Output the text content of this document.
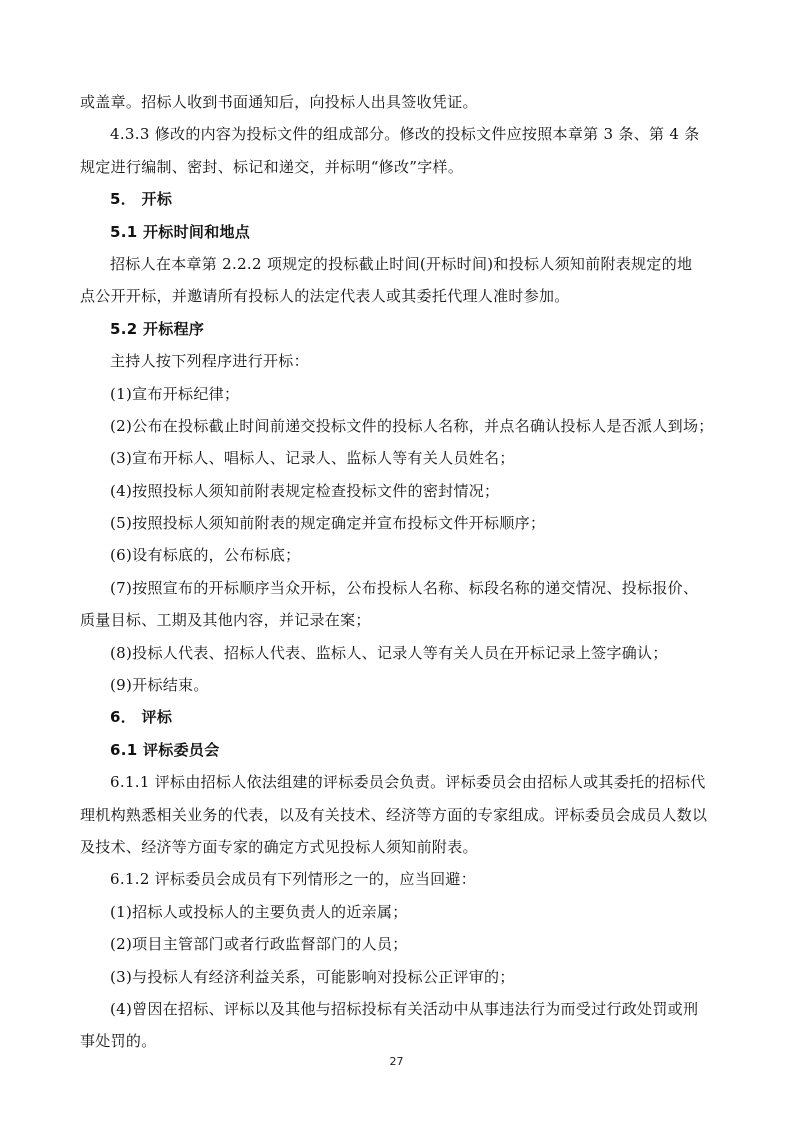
或盖章。招标人收到书面通知后，向投标人出具签收凭证。
4.3.3 修改的内容为投标文件的组成部分。修改的投标文件应按照本章第 3 条、第 4 条
规定进行编制、密封、标记和递交，并标明“修改”字样。
5． 开标
5.1 开标时间和地点
招标人在本章第 2.2.2 项规定的投标截止时间(开标时间)和投标人须知前附表规定的地
点公开开标，并邀请所有投标人的法定代表人或其委托代理人准时参加。
5.2 开标程序
主持人按下列程序进行开标：
(1)宣布开标纪律；
(2)公布在投标截止时间前递交投标文件的投标人名称，并点名确认投标人是否派人到场；
(3)宣布开标人、唱标人、记录人、监标人等有关人员姓名；
(4)按照投标人须知前附表规定检查投标文件的密封情况；
(5)按照投标人须知前附表的规定确定并宣布投标文件开标顺序；
(6)设有标底的，公布标底；
(7)按照宣布的开标顺序当众开标，公布投标人名称、标段名称的递交情况、投标报价、
质量目标、工期及其他内容，并记录在案；
(8)投标人代表、招标人代表、监标人、记录人等有关人员在开标记录上签字确认；
(9)开标结束。
6． 评标
6.1 评标委员会
6.1.1 评标由招标人依法组建的评标委员会负责。评标委员会由招标人或其委托的招标代
理机构熟悉相关业务的代表，以及有关技术、经济等方面的专家组成。评标委员会成员人数以
及技术、经济等方面专家的确定方式见投标人须知前附表。
6.1.2 评标委员会成员有下列情形之一的，应当回避：
(1)招标人或投标人的主要负责人的近亲属；
(2)项目主管部门或者行政监督部门的人员；
(3)与投标人有经济利益关系，可能影响对投标公正评审的；
(4)曾因在招标、评标以及其他与招标投标有关活动中从事违法行为而受过行政处罚或刑
事处罚的。
27
